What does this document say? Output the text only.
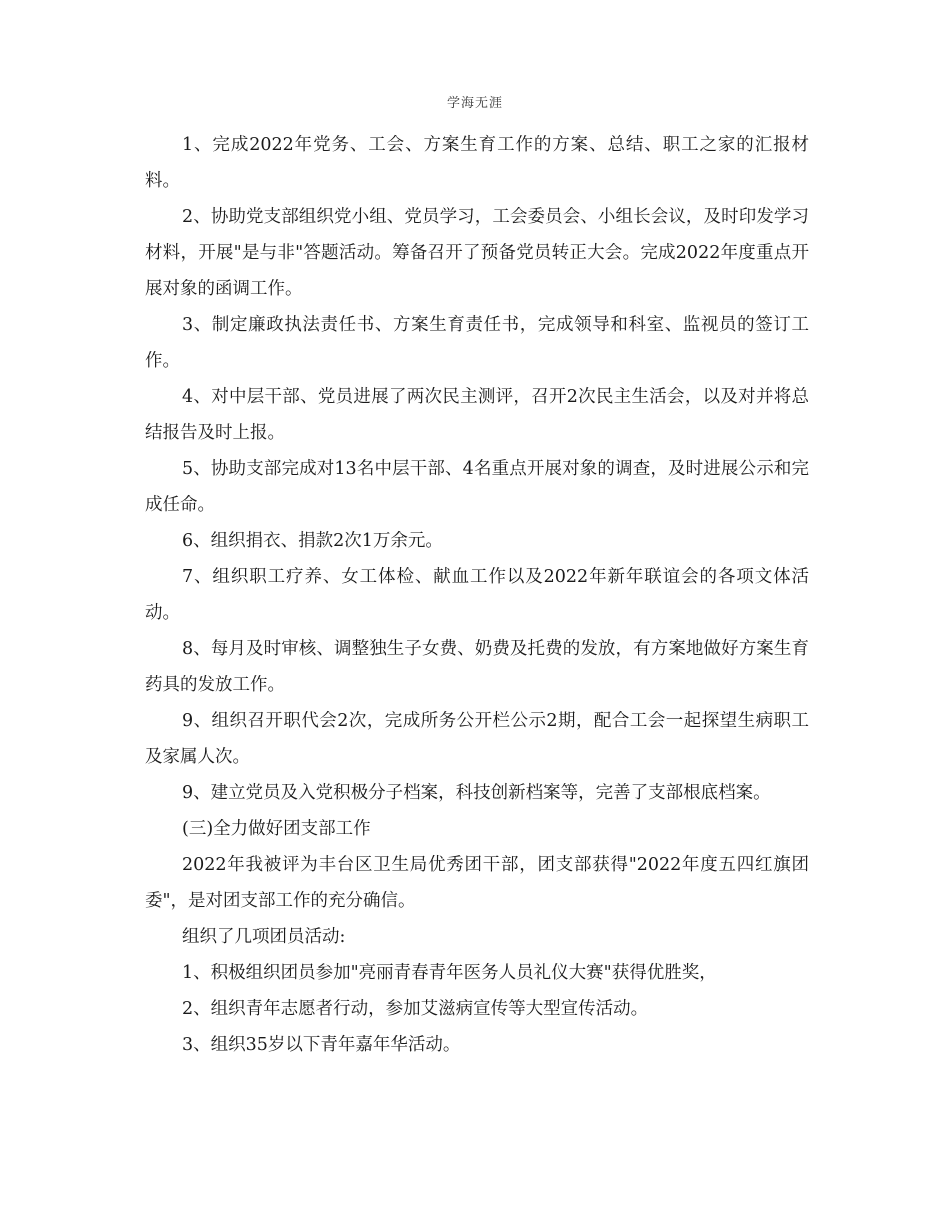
学海无涯

1、完成2022年党务、工会、方案生育工作的方案、总结、职工之家的汇报材料。

2、协助党支部组织党小组、党员学习，工会委员会、小组长会议，及时印发学习材料，开展"是与非"答题活动。筹备召开了预备党员转正大会。完成2022年度重点开展对象的函调工作。

3、制定廉政执法责任书、方案生育责任书，完成领导和科室、监视员的签订工作。

4、对中层干部、党员进展了两次民主测评，召开2次民主生活会，以及对并将总结报告及时上报。

5、协助支部完成对13名中层干部、4名重点开展对象的调查，及时进展公示和完成任命。

6、组织捐衣、捐款2次1万余元。

7、组织职工疗养、女工体检、献血工作以及2022年新年联谊会的各项文体活动。

8、每月及时审核、调整独生子女费、奶费及托费的发放，有方案地做好方案生育药具的发放工作。

9、组织召开职代会2次，完成所务公开栏公示2期，配合工会一起探望生病职工及家属人次。

9、建立党员及入党积极分子档案，科技创新档案等，完善了支部根底档案。

(三)全力做好团支部工作

2022年我被评为丰台区卫生局优秀团干部，团支部获得"2022年度五四红旗团委"，是对团支部工作的充分确信。

组织了几项团员活动:

1、积极组织团员参加"亮丽青春青年医务人员礼仪大赛"获得优胜奖，

2、组织青年志愿者行动，参加艾滋病宣传等大型宣传活动。

3、组织35岁以下青年嘉年华活动。
